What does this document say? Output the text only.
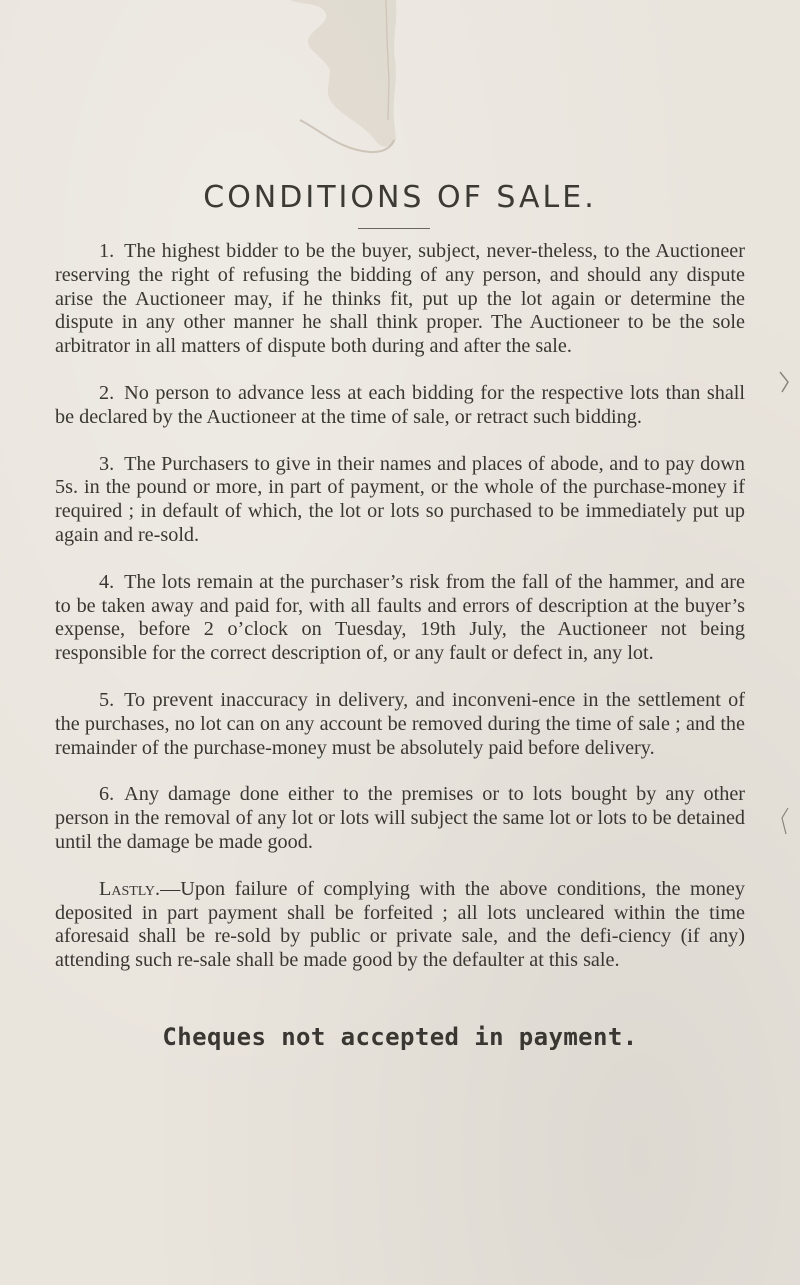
CONDITIONS OF SALE.

1. The highest bidder to be the buyer, subject, never-theless, to the Auctioneer reserving the right of refusing the bidding of any person, and should any dispute arise the Auctioneer may, if he thinks fit, put up the lot again or determine the dispute in any other manner he shall think proper. The Auctioneer to be the sole arbitrator in all matters of dispute both during and after the sale.

2. No person to advance less at each bidding for the respective lots than shall be declared by the Auctioneer at the time of sale, or retract such bidding.

3. The Purchasers to give in their names and places of abode, and to pay down 5s. in the pound or more, in part of payment, or the whole of the purchase-money if required ; in default of which, the lot or lots so purchased to be immediately put up again and re-sold.

4. The lots remain at the purchaser’s risk from the fall of the hammer, and are to be taken away and paid for, with all faults and errors of description at the buyer’s expense, before 2 o’clock on Tuesday, 19th July, the Auctioneer not being responsible for the correct description of, or any fault or defect in, any lot.

5. To prevent inaccuracy in delivery, and inconveni-ence in the settlement of the purchases, no lot can on any account be removed during the time of sale ; and the remainder of the purchase-money must be absolutely paid before delivery.

6. Any damage done either to the premises or to lots bought by any other person in the removal of any lot or lots will subject the same lot or lots to be detained until the damage be made good.

Lastly.—Upon failure of complying with the above conditions, the money deposited in part payment shall be forfeited ; all lots uncleared within the time aforesaid shall be re-sold by public or private sale, and the defi-ciency (if any) attending such re-sale shall be made good by the defaulter at this sale.

Cheques not accepted in payment.
